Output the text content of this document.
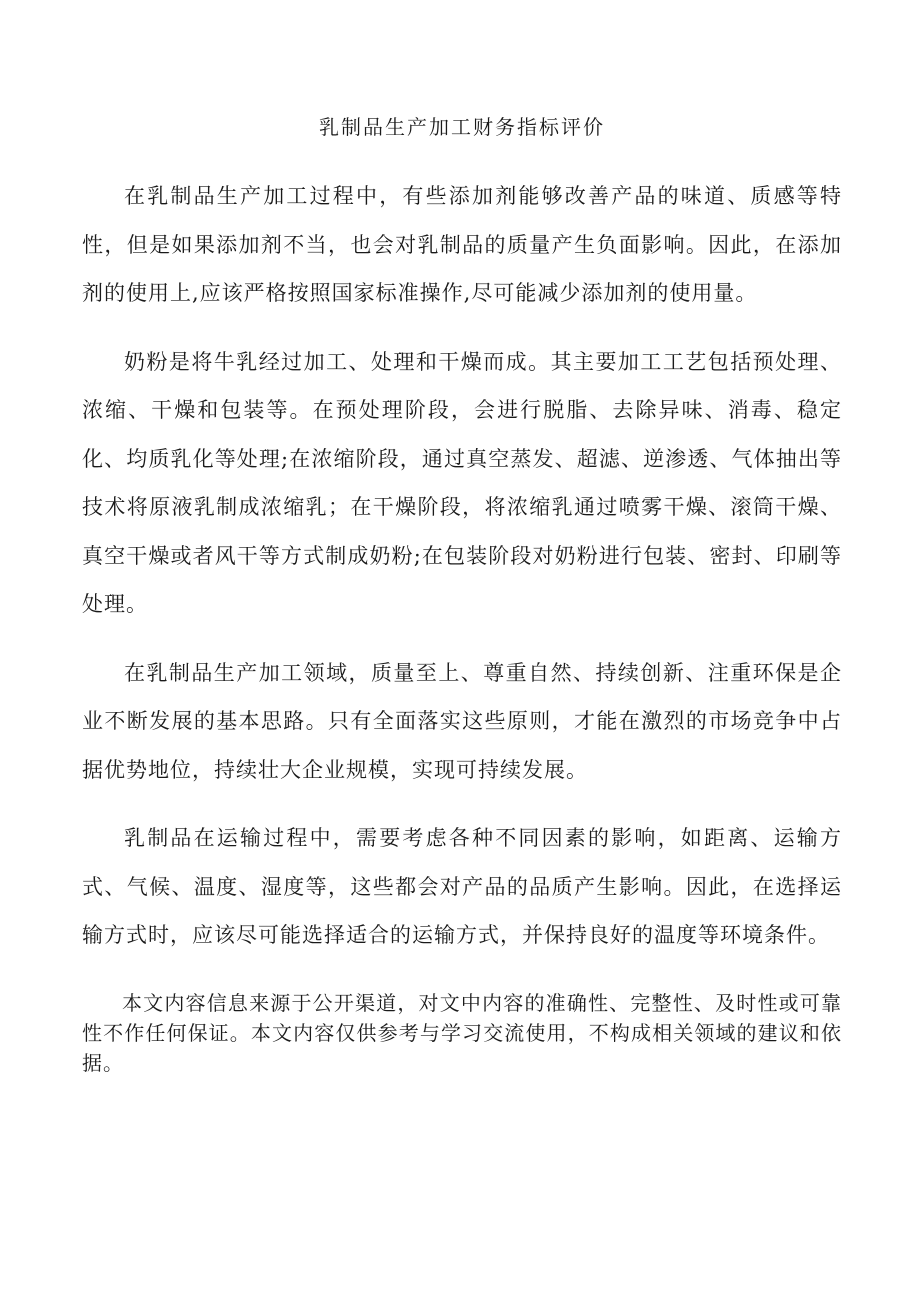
乳制品生产加工财务指标评价

在乳制品生产加工过程中，有些添加剂能够改善产品的味道、质感等特性，但是如果添加剂不当，也会对乳制品的质量产生负面影响。因此，在添加剂的使用上,应该严格按照国家标准操作,尽可能减少添加剂的使用量。

奶粉是将牛乳经过加工、处理和干燥而成。其主要加工工艺包括预处理、浓缩、干燥和包装等。在预处理阶段，会进行脱脂、去除异味、消毒、稳定化、均质乳化等处理;在浓缩阶段，通过真空蒸发、超滤、逆渗透、气体抽出等技术将原液乳制成浓缩乳；在干燥阶段，将浓缩乳通过喷雾干燥、滚筒干燥、真空干燥或者风干等方式制成奶粉;在包装阶段对奶粉进行包装、密封、印刷等处理。

在乳制品生产加工领域，质量至上、尊重自然、持续创新、注重环保是企业不断发展的基本思路。只有全面落实这些原则，才能在激烈的市场竞争中占据优势地位，持续壮大企业规模，实现可持续发展。

乳制品在运输过程中，需要考虑各种不同因素的影响，如距离、运输方式、气候、温度、湿度等，这些都会对产品的品质产生影响。因此，在选择运输方式时，应该尽可能选择适合的运输方式，并保持良好的温度等环境条件。

本文内容信息来源于公开渠道，对文中内容的准确性、完整性、及时性或可靠性不作任何保证。本文内容仅供参考与学习交流使用，不构成相关领域的建议和依据。
